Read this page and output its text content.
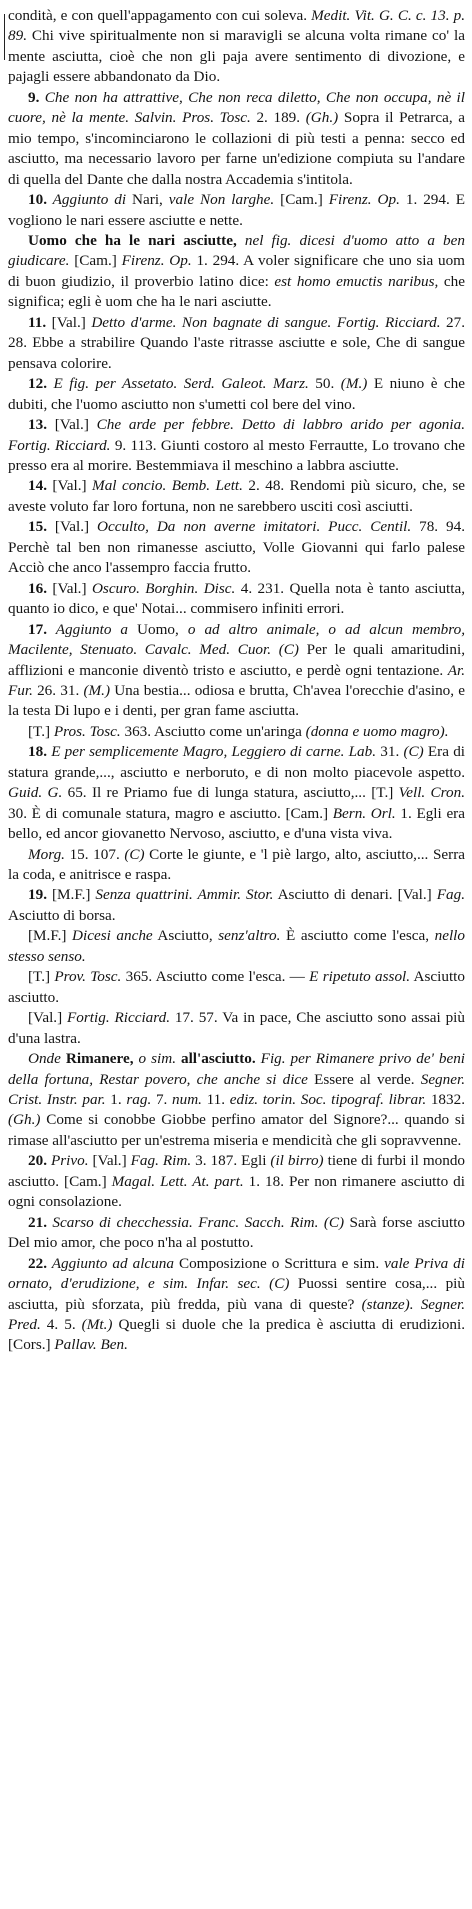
condità, e con quell'appagamento con cui soleva. Medit. Vit. G. C. c. 13. p. 89. Chi vive spiritualmente non si maravigli se alcuna volta rimane co' la mente asciutta, cioè che non gli paja avere sentimento di divozione, e pajagli essere abbandonato da Dio.

9. Che non ha attrattive, Che non reca diletto, Che non occupa, nè il cuore, nè la mente. Salvin. Pros. Tosc. 2. 189. (Gh.) Sopra il Petrarca, a mio tempo, s'incominciarono le collazioni di più testi a penna: secco ed asciutto, ma necessario lavoro per farne un'edizione compiuta su l'andare di quella del Dante che dalla nostra Accademia s'intitola.

10. Aggiunto di Nari, vale Non larghe. [Cam.] Firenz. Op. 1. 294. E vogliono le nari essere asciutte e nette.

Uomo che ha le nari asciutte, nel fig. dicesi d'uomo atto a ben giudicare. [Cam.] Firenz. Op. 1. 294. A voler significare che uno sia uom di buon giudizio, il proverbio latino dice: est homo emuctis naribus, che significa; egli è uom che ha le nari asciutte.

11. [Val.] Detto d'arme. Non bagnate di sangue. Fortig. Ricciard. 27. 28. Ebbe a strabilire Quando l'aste ritrasse asciutte e sole, Che di sangue pensava colorire.

12. E fig. per Assetato. Serd. Galeot. Marz. 50. (M.) E niuno è che dubiti, che l'uomo asciutto non s'umetti col bere del vino.

13. [Val.] Che arde per febbre. Detto di labbro arido per agonia. Fortig. Ricciard. 9. 113. Giunti costoro al mesto Ferrautte, Lo trovano che presso era al morire. Bestemmiava il meschino a labbra asciutte.

14. [Val.] Mal concio. Bemb. Lett. 2. 48. Rendomi più sicuro, che, se aveste voluto far loro fortuna, non ne sarebbero usciti così asciutti.

15. [Val.] Occulto, Da non averne imitatori. Pucc. Centil. 78. 94. Perchè tal ben non rimanesse asciutto, Volle Giovanni qui farlo palese Acciò che anco l'assempro faccia frutto.

16. [Val.] Oscuro. Borghin. Disc. 4. 231. Quella nota è tanto asciutta, quanto io dico, e que' Notai... commisero infiniti errori.

17. Aggiunto a Uomo, o ad altro animale, o ad alcun membro, Macilente, Stenuato. Cavalc. Med. Cuor. (C) Per le quali amaritudini, afflizioni e manconie diventò tristo e asciutto, e perdè ogni tentazione. Ar. Fur. 26. 31. (M.) Una bestia... odiosa e brutta, Ch'avea l'orecchie d'asino, e la testa Di lupo e i denti, per gran fame asciutta.

[T.] Pros. Tosc. 363. Asciutto come un'aringa (donna e uomo magro).

18. E per semplicemente Magro, Leggiero di carne. Lab. 31. (C) Era di statura grande,..., asciutto e nerboruto, e di non molto piacevole aspetto. Guid. G. 65. Il re Priamo fue di lunga statura, asciutto,... [T.] Vell. Cron. 30. È di comunale statura, magro e asciutto. [Cam.] Bern. Orl. 1. Egli era bello, ed ancor giovanetto Nervoso, asciutto, e d'una vista viva.

Morg. 15. 107. (C) Corte le giunte, e 'l piè largo, alto, asciutto,... Serra la coda, e anitrisce e raspa.

19. [M.F.] Senza quattrini. Ammir. Stor. Asciutto di denari. [Val.] Fag. Asciutto di borsa.

[M.F.] Dicesi anche Asciutto, senz'altro. È asciutto come l'esca, nello stesso senso.

[T.] Prov. Tosc. 365. Asciutto come l'esca. — E ripetuto assol. Asciutto asciutto.

[Val.] Fortig. Ricciard. 17. 57. Va in pace, Che asciutto sono assai più d'una lastra.

Onde Rimanere, o sim. all'asciutto. Fig. per Rimanere privo de' beni della fortuna, Restar povero, che anche si dice Essere al verde. Segner. Crist. Instr. par. 1. rag. 7. num. 11. ediz. torin. Soc. tipograf. librar. 1832. (Gh.) Come si conobbe Giobbe perfino amator del Signore?... quando si rimase all'asciutto per un'estrema miseria e mendicità che gli sopravvenne.

20. Privo. [Val.] Fag. Rim. 3. 187. Egli (il birro) tiene di furbi il mondo asciutto. [Cam.] Magal. Lett. At. part. 1. 18. Per non rimanere asciutto di ogni consolazione.

21. Scarso di checchessia. Franc. Sacch. Rim. (C) Sarà forse asciutto Del mio amor, che poco n'ha al postutto.

22. Aggiunto ad alcuna Composizione o Scrittura e sim. vale Priva di ornato, d'erudizione, e sim. Infar. sec. (C) Puossi sentire cosa,... più asciutta, più sforzata, più fredda, più vana di queste? (stanze). Segner. Pred. 4. 5. (Mt.) Quegli si duole che la predica è asciutta di erudizioni. [Cors.] Pallav. Ben.
